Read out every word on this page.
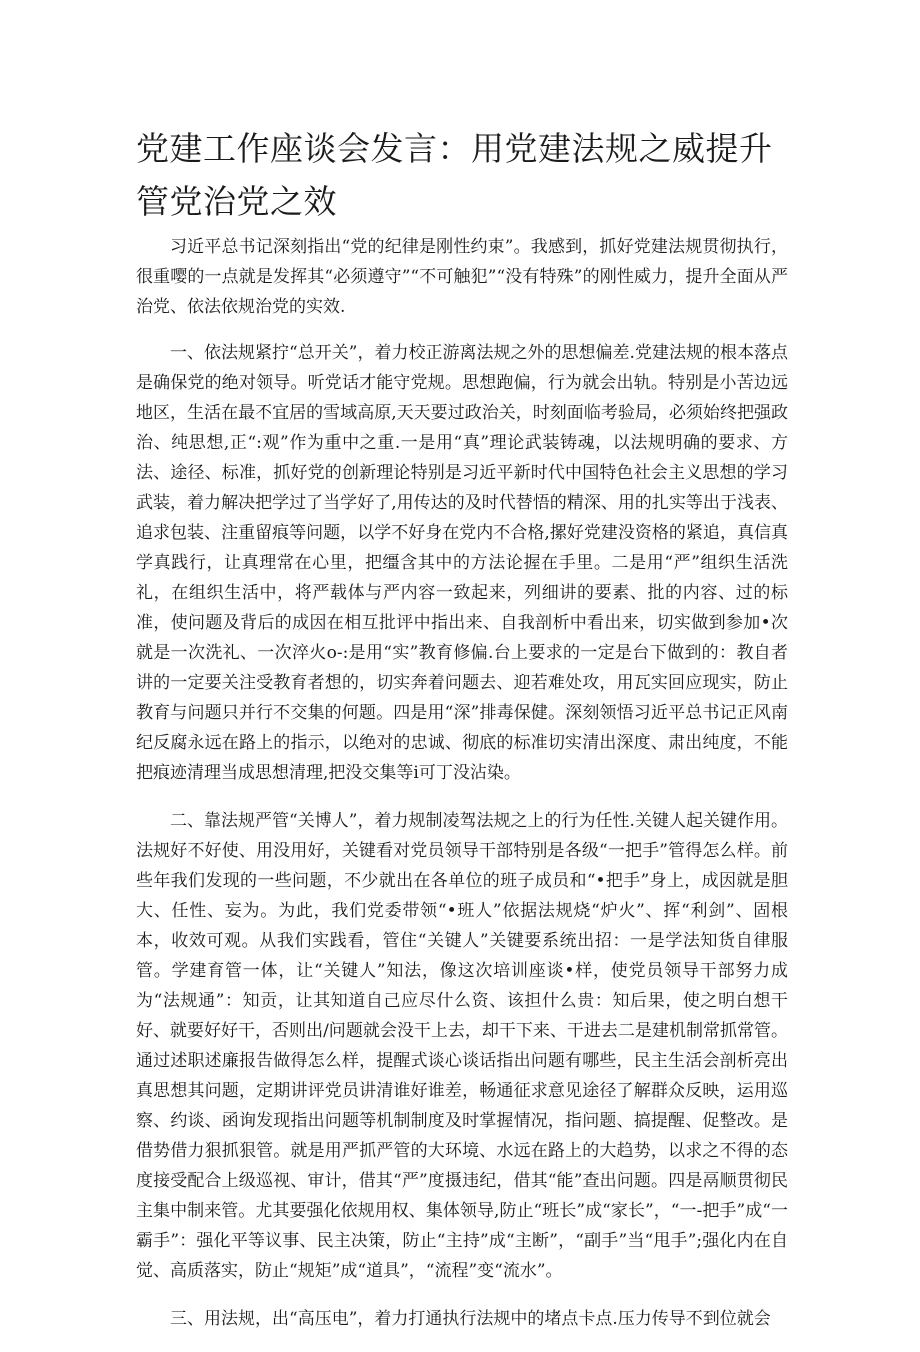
党建工作座谈会发言：用党建法规之威提升管党治党之效

习近平总书记深刻指出“党的纪律是刚性约束”。我感到，抓好党建法规贯彻执行，很重嘤的一点就是发挥其“必须遵守”“不可触犯”“没有特殊”的刚性威力，提升全面从严治党、依法依规治党的实效.

一、依法规紧拧“总开关”，着力校正游离法规之外的思想偏差.党建法规的根本落点是确保党的绝对领导。听党话才能守党规。思想跑偏，行为就会出轨。特别是小苦边远地区，生活在最不宜居的雪域高原,天天要过政治关，时刻面临考验局，必须始终把强政治、纯思想,正“:观”作为重中之重.一是用“真”理论武装铸魂，以法规明确的要求、方法、途径、标准，抓好党的创新理论特别是习近平新时代中国特色社会主义思想的学习武装，着力解决把学过了当学好了,用传达的及时代替悟的精深、用的扎实等出于浅表、追求包装、注重留痕等问题，以学不好身在党内不合格,摞好党建没资格的紧追，真信真学真践行，让真理常在心里，把缰含其中的方法论握在手里。二是用“严”组织生活洗礼，在组织生活中，将严载体与严内容一致起来，列细讲的要素、批的内容、过的标准，使问题及背后的成因在相互批评中指出来、自我剖析中看出来，切实做到参加•次就是一次洗礼、一次淬火o-:是用“实”教育修偏.台上要求的一定是台下做到的：教自者讲的一定要关注受教育者想的，切实奔着问题去、迎若难处攻，用瓦实回应现实，防止教育与问题只并行不交集的何题。四是用“深”排毒保健。深刻领悟习近平总书记正风南纪反腐永远在路上的指示，以绝对的忠诚、彻底的标准切实清出深度、肃出纯度，不能把痕迹清理当成思想清理,把没交集等i可丁没沾染。

二、靠法规严管“关博人”，着力规制凌驾法规之上的行为任性.关键人起关键作用。法规好不好使、用没用好，关键看对党员领导干部特别是各级“一把手”管得怎么样。前些年我们发现的一些问题，不少就出在各单位的班子成员和“•把手”身上，成因就是胆大、任性、妄为。为此，我们党委带领“•班人”依据法规烧“炉火”、挥“利剑”、固根本，收效可观。从我们实践看，管住“关键人”关键要系统出招：一是学法知货自律服管。学建育管一体，让“关键人”知法，像这次培训座谈•样，使党员领导干部努力成为“法规通”：知贡，让其知道自己应尽什么资、该担什么贵：知后果，使之明白想干好、就要好好干，否则出/问题就会没干上去，却干下来、干进去二是建机制常抓常管。通过述职述廉报告做得怎么样，提醒式谈心谈话指出问题有哪些，民主生活会剖析亮出真思想其问题，定期讲评党员讲清谁好谁差，畅通征求意见途径了解群众反映，运用巡察、约谈、函询发现指出问题等机制制度及时掌握情况，指问题、搞提醒、促整改。是借势借力狠抓狠管。就是用严抓严管的大环境、水远在路上的大趋势，以求之不得的态度接受配合上级巡视、审计，借其“严”度摄违纪，借其“能”查出问题。四是鬲顺贯彻民主集中制来管。尤其要强化依规用权、集体领导,防止“班长”成“家长”，“一-把手”成“一霸手”：强化平等议事、民主决策，防止“主持”成“主断”，“副手”当“甩手”;强化内在自觉、高质落实，防止“规矩”成“道具”，“流程”变“流水”。

三、用法规，出“高压电”，着力打通执行法规中的堵点卡点.压力传导不到位就会
